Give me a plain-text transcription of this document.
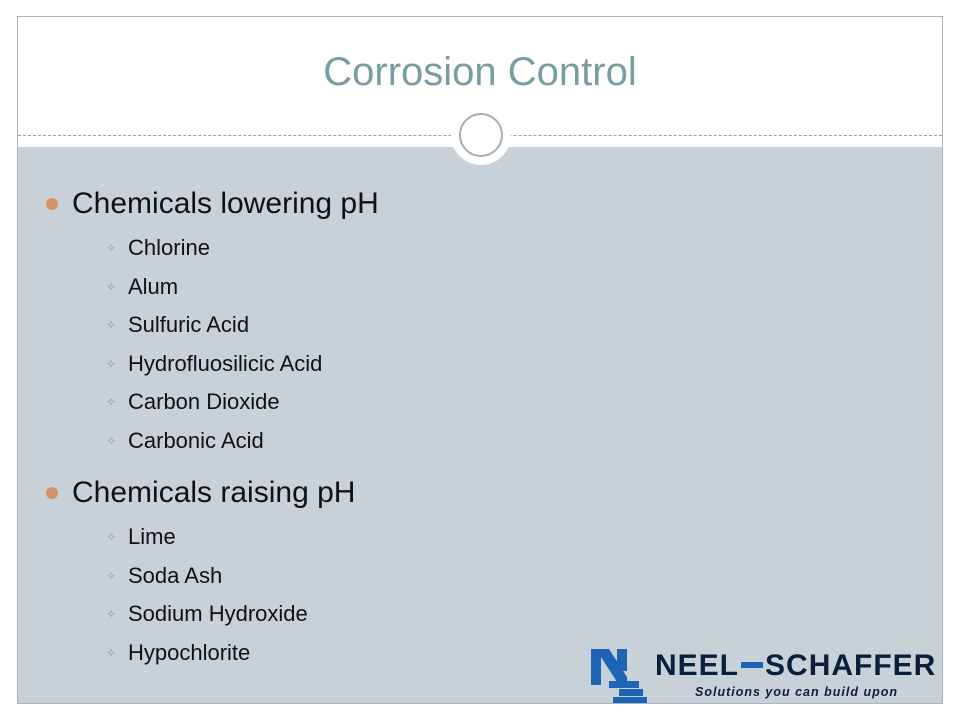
Corrosion Control
Chemicals lowering pH
✧ Chlorine
✧ Alum
✧ Sulfuric Acid
✧ Hydrofluosilicic Acid
✧ Carbon Dioxide
✧ Carbonic Acid
Chemicals raising pH
✧ Lime
✧ Soda Ash
✧ Sodium Hydroxide
✧ Hypochlorite	NEEL SCHAFFER
Solutions you can build upon
